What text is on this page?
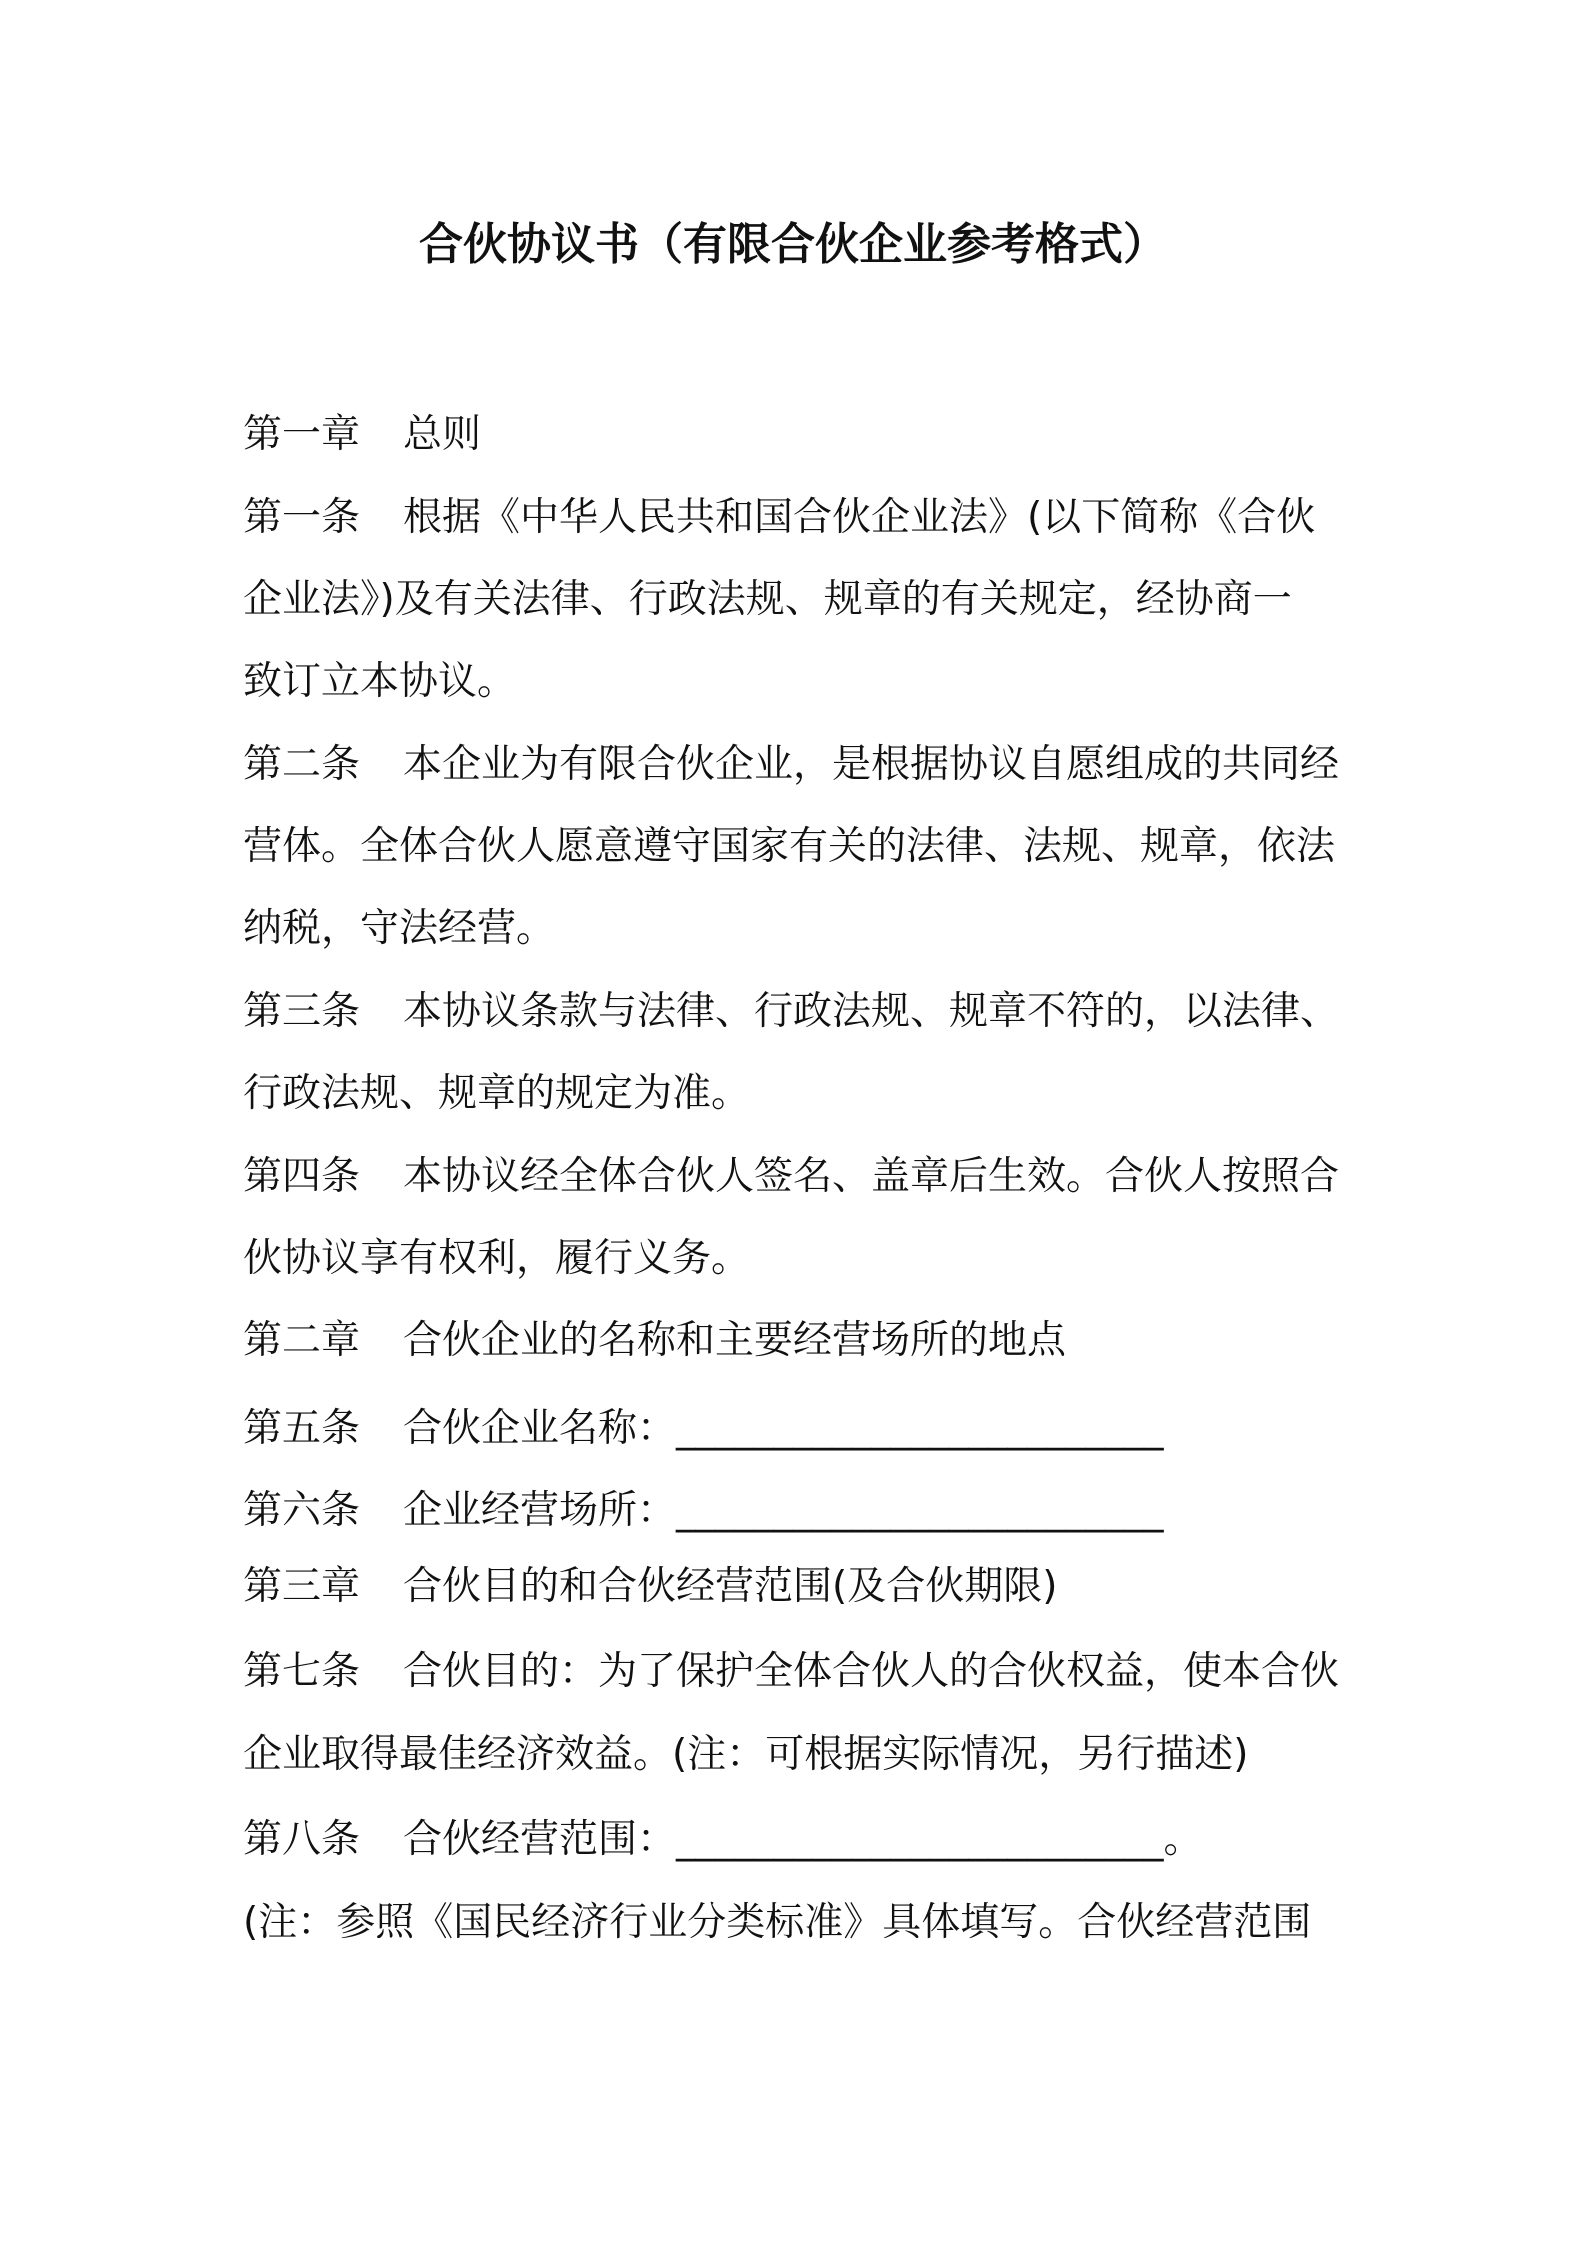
合伙协议书（有限合伙企业参考格式）
第一章 总则
第一条 根据《中华人民共和国合伙企业法》(以下简称《合伙
企业法》)及有关法律、行政法规、规章的有关规定，经协商一
致订立本协议。
第二条 本企业为有限合伙企业，是根据协议自愿组成的共同经
营体。全体合伙人愿意遵守国家有关的法律、法规、规章，依法
纳税，守法经营。
第三条 本协议条款与法律、行政法规、规章不符的，以法律、
行政法规、规章的规定为准。
第四条 本协议经全体合伙人签名、盖章后生效。合伙人按照合
伙协议享有权利，履行义务。
第二章 合伙企业的名称和主要经营场所的地点
第五条 合伙企业名称：_________________________
第六条 企业经营场所：_________________________
第三章 合伙目的和合伙经营范围(及合伙期限)
第七条 合伙目的：为了保护全体合伙人的合伙权益，使本合伙
企业取得最佳经济效益。(注：可根据实际情况，另行描述)
第八条 合伙经营范围：_________________________。
(注：参照《国民经济行业分类标准》具体填写。合伙经营范围
